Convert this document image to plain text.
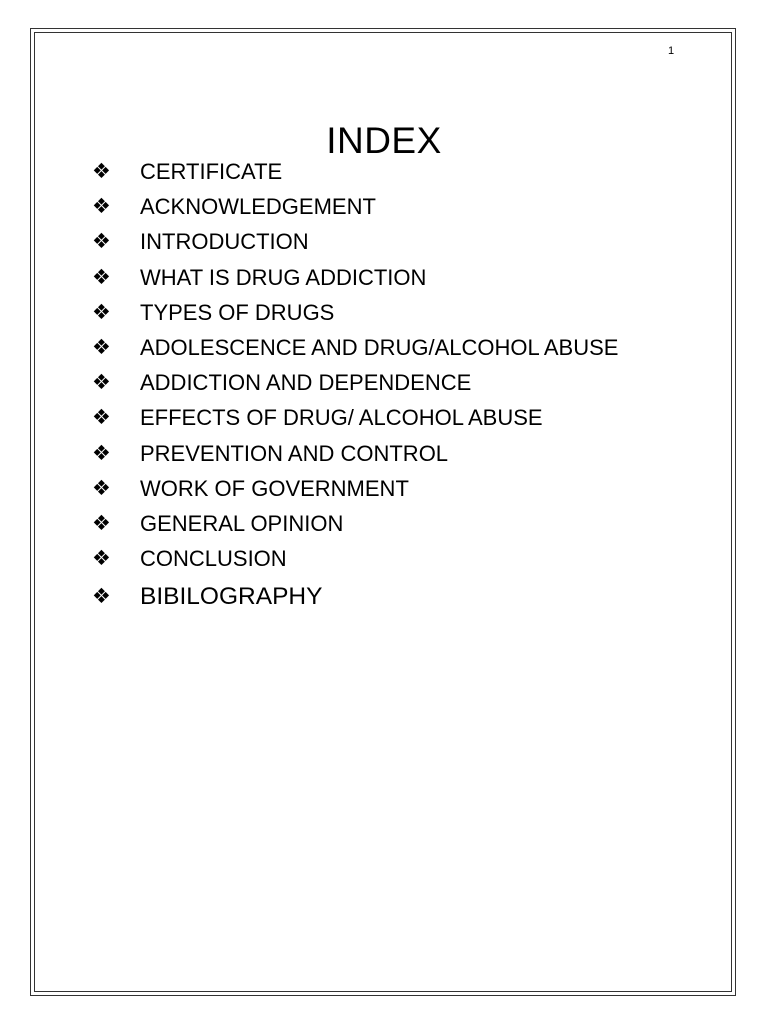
1
INDEX
❖	CERTIFICATE
❖	ACKNOWLEDGEMENT
❖	INTRODUCTION
❖	WHAT IS DRUG ADDICTION
❖	TYPES OF DRUGS
❖	ADOLESCENCE AND DRUG/ALCOHOL ABUSE
❖	ADDICTION AND DEPENDENCE
❖	EFFECTS OF DRUG/ ALCOHOL ABUSE
❖	PREVENTION AND CONTROL
❖	WORK OF GOVERNMENT
❖	GENERAL OPINION
❖	CONCLUSION
❖	BIBILOGRAPHY
